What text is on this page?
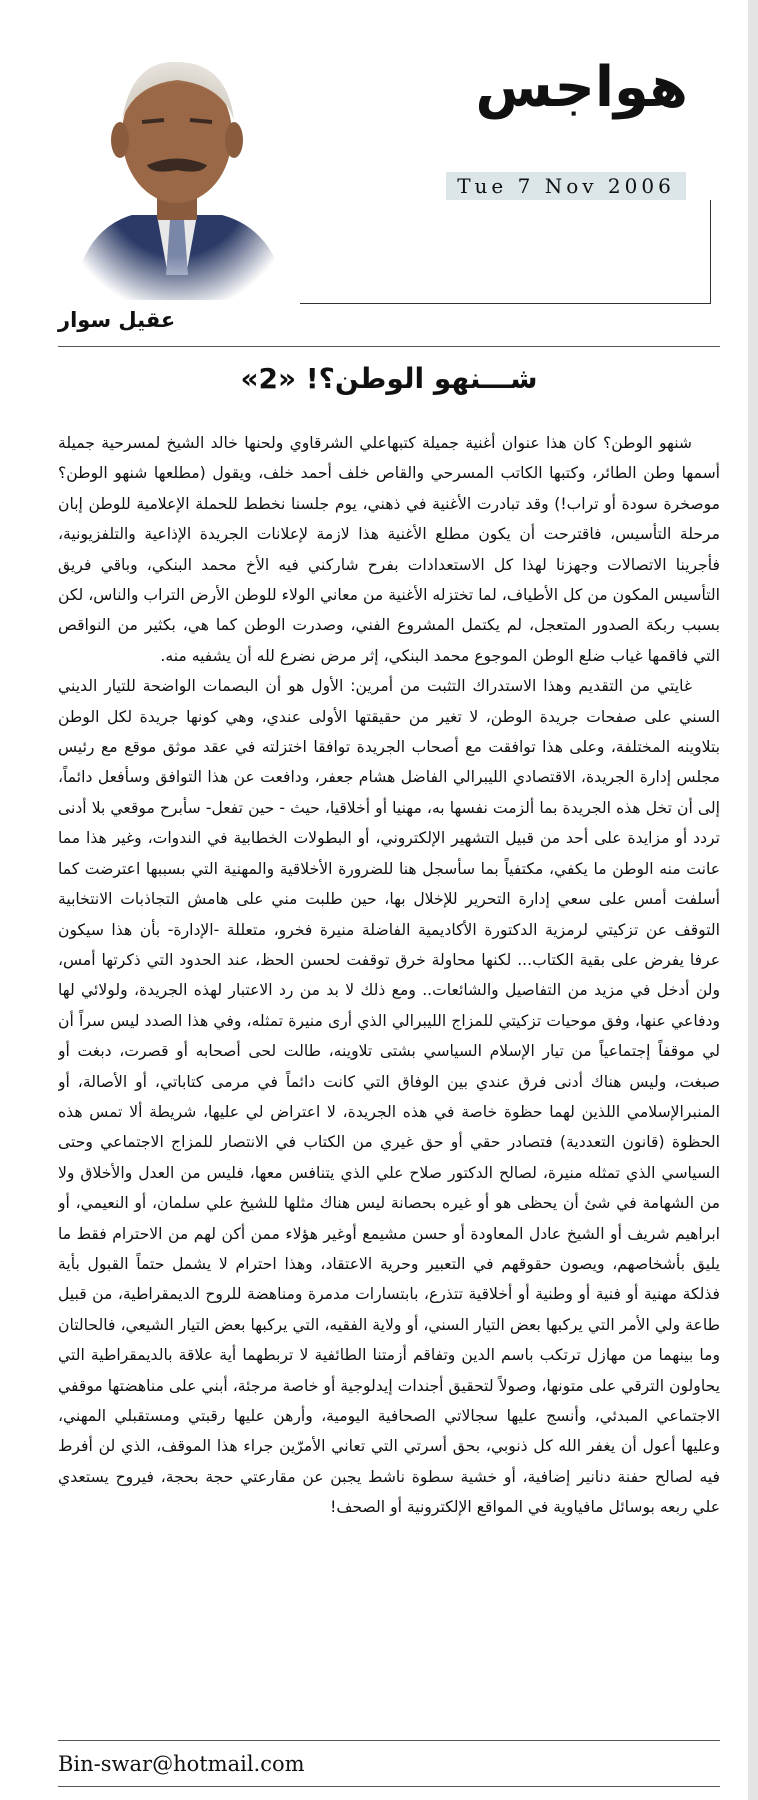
هواجس
Tue 7 Nov 2006
عقيل سوار
شـــنهو الوطن؟! «2»

شنهو الوطن؟ كان هذا عنوان أغنية جميلة كتبهاعلي الشرقاوي ولحنها خالد الشيخ لمسرحية جميلة أسمها وطن الطائر، وكتبها الكاتب المسرحي والقاص خلف أحمد خلف، ويقول (مطلعها شنهو الوطن؟ موصخرة سودة أو تراب!) وقد تبادرت الأغنية في ذهني، يوم جلسنا نخطط للحملة الإعلامية للوطن إبان مرحلة التأسيس، فاقترحت أن يكون مطلع الأغنية هذا لازمة لإعلانات الجريدة الإذاعية والتلفزيونية، فأجرينا الاتصالات وجهزنا لهذا كل الاستعدادات بفرح شاركني فيه الأخ محمد البنكي، وباقي فريق التأسيس المكون من كل الأطياف، لما تختزله الأغنية من معاني الولاء للوطن الأرض التراب والناس، لكن بسبب ربكة الصدور المتعجل، لم يكتمل المشروع الفني، وصدرت الوطن كما هي، بكثير من النواقص التي فاقمها غياب ضلع الوطن الموجوع محمد البنكي، إثر مرض نضرع لله أن يشفيه منه.

غايتي من التقديم وهذا الاستدراك التثبت من أمرين: الأول هو أن البصمات الواضحة للتيار الديني السني على صفحات جريدة الوطن، لا تغير من حقيقتها الأولى عندي، وهي كونها جريدة لكل الوطن بتلاوينه المختلفة، وعلى هذا توافقت مع أصحاب الجريدة توافقا اختزلته في عقد موثق موقع مع رئيس مجلس إدارة الجريدة، الاقتصادي الليبرالي الفاضل هشام جعفر، ودافعت عن هذا التوافق وسأفعل دائماً، إلى أن تخل هذه الجريدة بما ألزمت نفسها به، مهنيا أو أخلاقيا، حيث - حين تفعل- سأبرح موقعي بلا أدنى تردد أو مزايدة على أحد من قبيل التشهير الإلكتروني، أو البطولات الخطابية في الندوات، وغير هذا مما عانت منه الوطن ما يكفي، مكتفياً بما سأسجل هنا للضرورة الأخلاقية والمهنية التي بسببها اعترضت كما أسلفت أمس على سعي إدارة التحرير للإخلال بها، حين طلبت مني على هامش التجاذبات الانتخابية التوقف عن تزكيتي لرمزية الدكتورة الأكاديمية الفاضلة منيرة فخرو، متعللة -الإدارة- بأن هذا سيكون عرفا يفرض على بقية الكتاب... لكنها محاولة خرق توقفت لحسن الحظ، عند الحدود التي ذكرتها أمس، ولن أدخل في مزيد من التفاصيل والشائعات.. ومع ذلك لا بد من رد الاعتبار لهذه الجريدة، ولولائي لها ودفاعي عنها، وفق موحيات تزكيتي للمزاج الليبرالي الذي أرى منيرة تمثله، وفي هذا الصدد ليس سراً أن لي موقفاً إجتماعياً من تيار الإسلام السياسي بشتى تلاوينه، طالت لحى أصحابه أو قصرت، دبغت أو صبغت، وليس هناك أدنى فرق عندي بين الوفاق التي كانت دائماً في مرمى كتاباتي، أو الأصالة، أو المنبرالإسلامي اللذين لهما حظوة خاصة في هذه الجريدة، لا اعتراض لي عليها، شريطة ألا تمس هذه الحظوة (قانون التعددية) فتصادر حقي أو حق غيري من الكتاب في الانتصار للمزاج الاجتماعي وحتى السياسي الذي تمثله منيرة، لصالح الدكتور صلاح علي الذي يتنافس معها، فليس من العدل والأخلاق ولا من الشهامة في شئ أن يحظى هو أو غيره بحصانة ليس هناك مثلها للشيخ علي سلمان، أو النعيمي، أو ابراهيم شريف أو الشيخ عادل المعاودة أو حسن مشيمع أوغير هؤلاء ممن أكن لهم من الاحترام فقط ما يليق بأشخاصهم، ويصون حقوقهم في التعبير وحرية الاعتقاد، وهذا احترام لا يشمل حتماً القبول بأية فذلكة مهنية أو فنية أو وطنية أو أخلاقية تتذرع، بابتسارات مدمرة ومناهضة للروح الديمقراطية، من قبيل طاعة ولي الأمر التي يركبها بعض التيار السني، أو ولاية الفقيه، التي يركبها بعض التيار الشيعي، فالحالتان وما بينهما من مهازل ترتكب باسم الدين وتفاقم أزمتنا الطائفية لا تربطهما أية علاقة بالديمقراطية التي يحاولون الترقي على متونها، وصولاً لتحقيق أجندات إيدلوجية أو خاصة مرجئة، أبني على مناهضتها موقفي الاجتماعي المبدئي، وأنسج عليها سجالاتي الصحافية اليومية، وأرهن عليها رقبتي ومستقبلي المهني، وعليها أعول أن يغفر الله كل ذنوبي، بحق أسرتي التي تعاني الأمرّين جراء هذا الموقف، الذي لن أفرط فيه لصالح حفنة دنانير إضافية، أو خشية سطوة ناشط يجبن عن مقارعتي حجة بحجة، فيروح يستعدي علي ربعه بوسائل مافياوية في المواقع الإلكترونية أو الصحف!

Bin-swar@hotmail.com
